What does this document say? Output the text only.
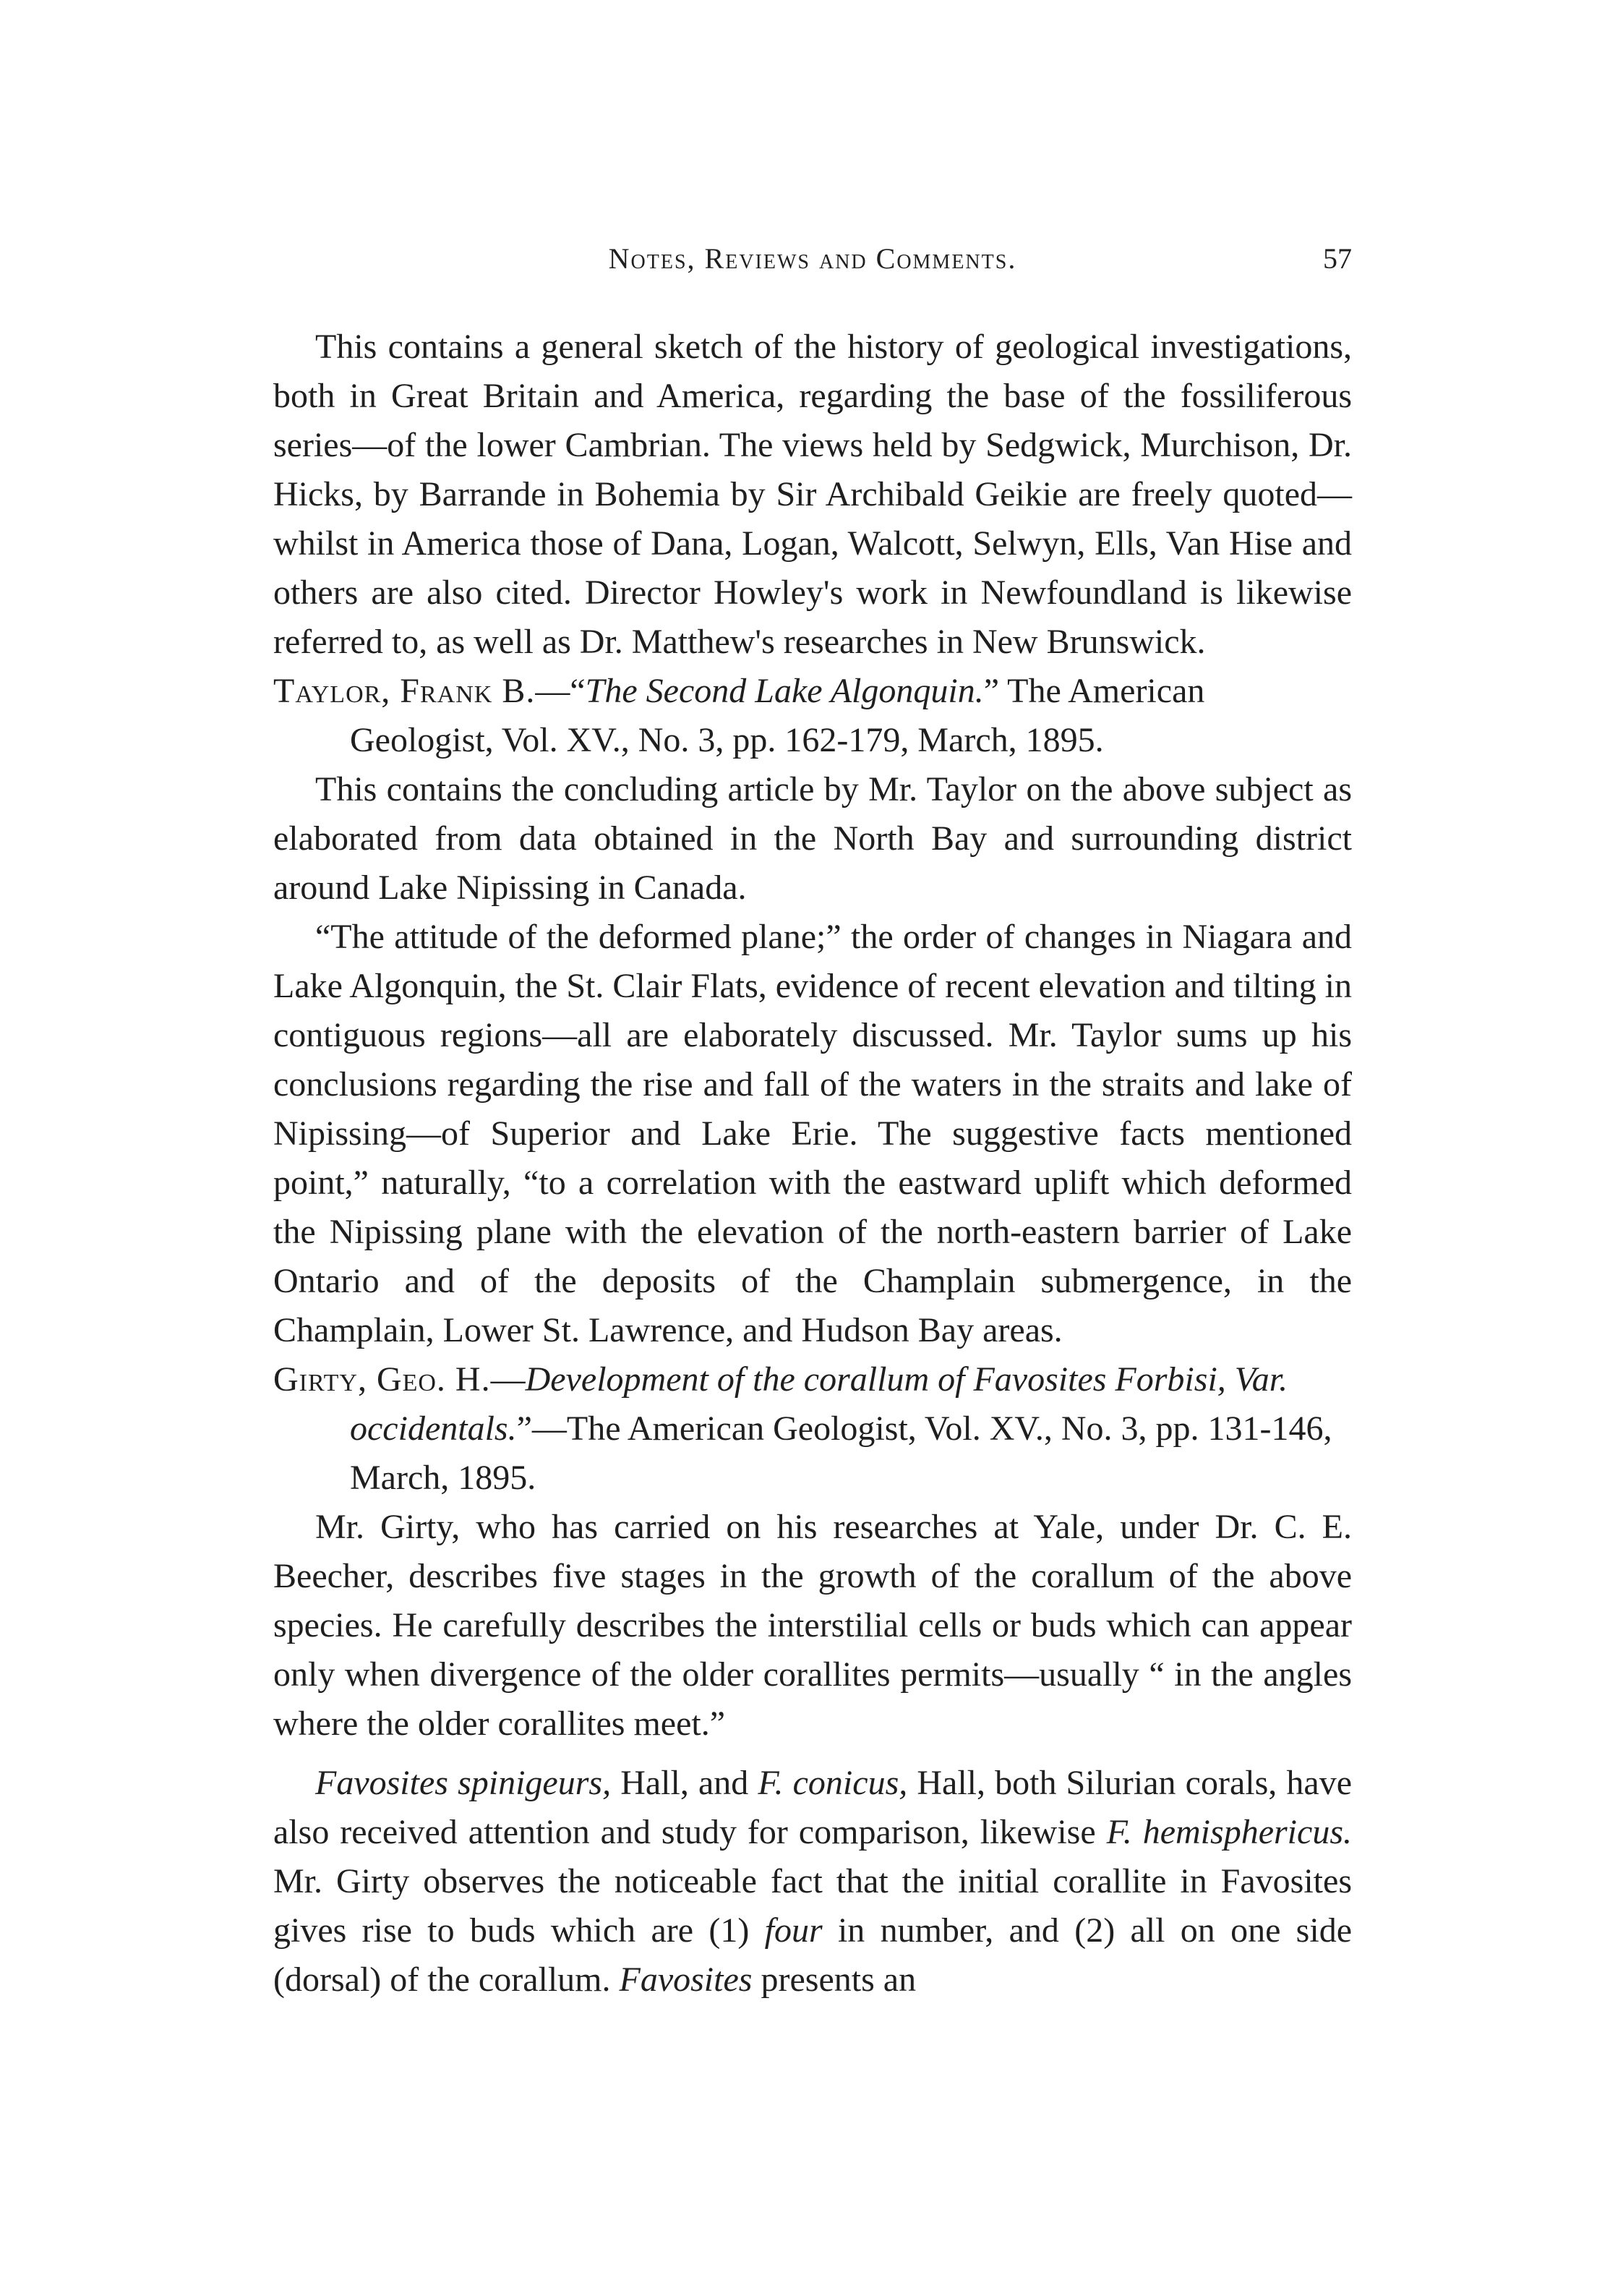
Notes, Reviews and Comments.	57

This contains a general sketch of the history of geological investigations, both in Great Britain and America, regarding the base of the fossiliferous series—of the lower Cambrian. The views held by Sedgwick, Murchison, Dr. Hicks, by Barrande in Bohemia by Sir Archibald Geikie are freely quoted—whilst in America those of Dana, Logan, Walcott, Selwyn, Ells, Van Hise and others are also cited. Director Howley's work in Newfoundland is likewise referred to, as well as Dr. Matthew's researches in New Brunswick.

Taylor, Frank B.—“The Second Lake Algonquin.” The American Geologist, Vol. XV., No. 3, pp. 162-179, March, 1895.

This contains the concluding article by Mr. Taylor on the above subject as elaborated from data obtained in the North Bay and surrounding district around Lake Nipissing in Canada.

“The attitude of the deformed plane;” the order of changes in Niagara and Lake Algonquin, the St. Clair Flats, evidence of recent elevation and tilting in contiguous regions—all are elaborately discussed. Mr. Taylor sums up his conclusions regarding the rise and fall of the waters in the straits and lake of Nipissing—of Superior and Lake Erie. The suggestive facts mentioned point,” naturally, “to a correlation with the eastward uplift which deformed the Nipissing plane with the elevation of the north-eastern barrier of Lake Ontario and of the deposits of the Champlain submergence, in the Champlain, Lower St. Lawrence, and Hudson Bay areas.

Girty, Geo. H.—Development of the corallum of Favosites Forbisi, Var. occidentals.”—The American Geologist, Vol. XV., No. 3, pp. 131-146, March, 1895.

Mr. Girty, who has carried on his researches at Yale, under Dr. C. E. Beecher, describes five stages in the growth of the corallum of the above species. He carefully describes the interstilial cells or buds which can appear only when divergence of the older corallites permits—usually “ in the angles where the older corallites meet.”

Favosites spinigeurs, Hall, and F. conicus, Hall, both Silurian corals, have also received attention and study for comparison, likewise F. hemisphericus. Mr. Girty observes the noticeable fact that the initial corallite in Favosites gives rise to buds which are (1) four in number, and (2) all on one side (dorsal) of the corallum. Favosites presents an
